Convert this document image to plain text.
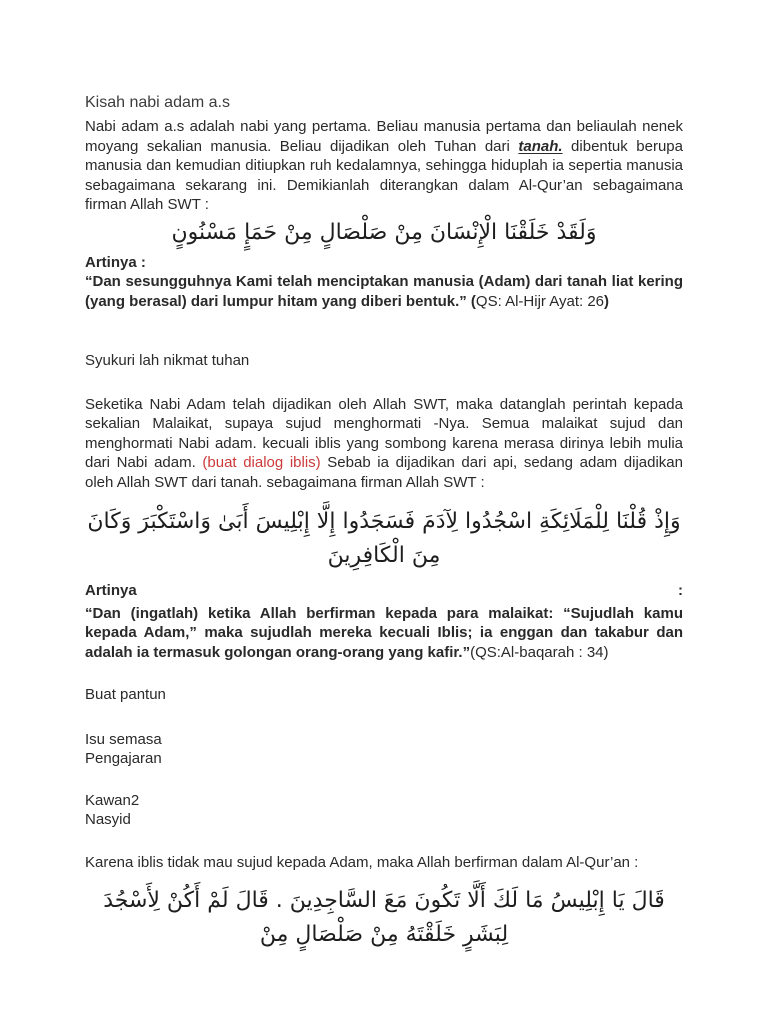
Kisah nabi adam a.s

Nabi adam a.s adalah nabi yang pertama. Beliau manusia pertama dan beliaulah nenek moyang sekalian manusia. Beliau dijadikan oleh Tuhan dari tanah. dibentuk berupa manusia dan kemudian ditiupkan ruh kedalamnya, sehingga hiduplah ia sepertia manusia sebagaimana sekarang ini. Demikianlah diterangkan dalam Al-Qur’an sebagaimana firman Allah SWT :

وَلَقَدْ خَلَقْنَا الْإِنْسَانَ مِنْ صَلْصَالٍ مِنْ حَمَإٍ مَسْنُونٍ

Artinya :

“Dan sesungguhnya Kami telah menciptakan manusia (Adam) dari tanah liat kering (yang berasal) dari lumpur hitam yang diberi bentuk.” (QS: Al-Hijr Ayat: 26)

Syukuri lah nikmat tuhan

Seketika Nabi Adam telah dijadikan oleh Allah SWT, maka datanglah perintah kepada sekalian Malaikat, supaya sujud menghormati -Nya. Semua malaikat sujud dan menghormati Nabi adam. kecuali iblis yang sombong karena merasa dirinya lebih mulia dari Nabi adam. (buat dialog iblis) Sebab ia dijadikan dari api, sedang adam dijadikan oleh Allah SWT dari tanah. sebagaimana firman Allah SWT :

وَإِذْ قُلْنَا لِلْمَلَائِكَةِ اسْجُدُوا لِآدَمَ فَسَجَدُوا إِلَّا إِبْلِيسَ أَبَىٰ وَاسْتَكْبَرَ وَكَانَ مِنَ الْكَافِرِينَ
Artinya	:

“Dan (ingatlah) ketika Allah berfirman kepada para malaikat: “Sujudlah kamu kepada Adam,” maka sujudlah mereka kecuali Iblis; ia enggan dan takabur dan adalah ia termasuk golongan orang-orang yang kafir.”(QS:Al-baqarah : 34)

Buat pantun

Isu semasa

Pengajaran

Kawan2

Nasyid

Karena iblis tidak mau sujud kepada Adam, maka Allah berfirman dalam Al-Qur’an :

قَالَ يَا إِبْلِيسُ مَا لَكَ أَلَّا تَكُونَ مَعَ السَّاجِدِينَ . قَالَ لَمْ أَكُنْ لِأَسْجُدَ لِبَشَرٍ خَلَقْتَهُ مِنْ صَلْصَالٍ مِنْ
